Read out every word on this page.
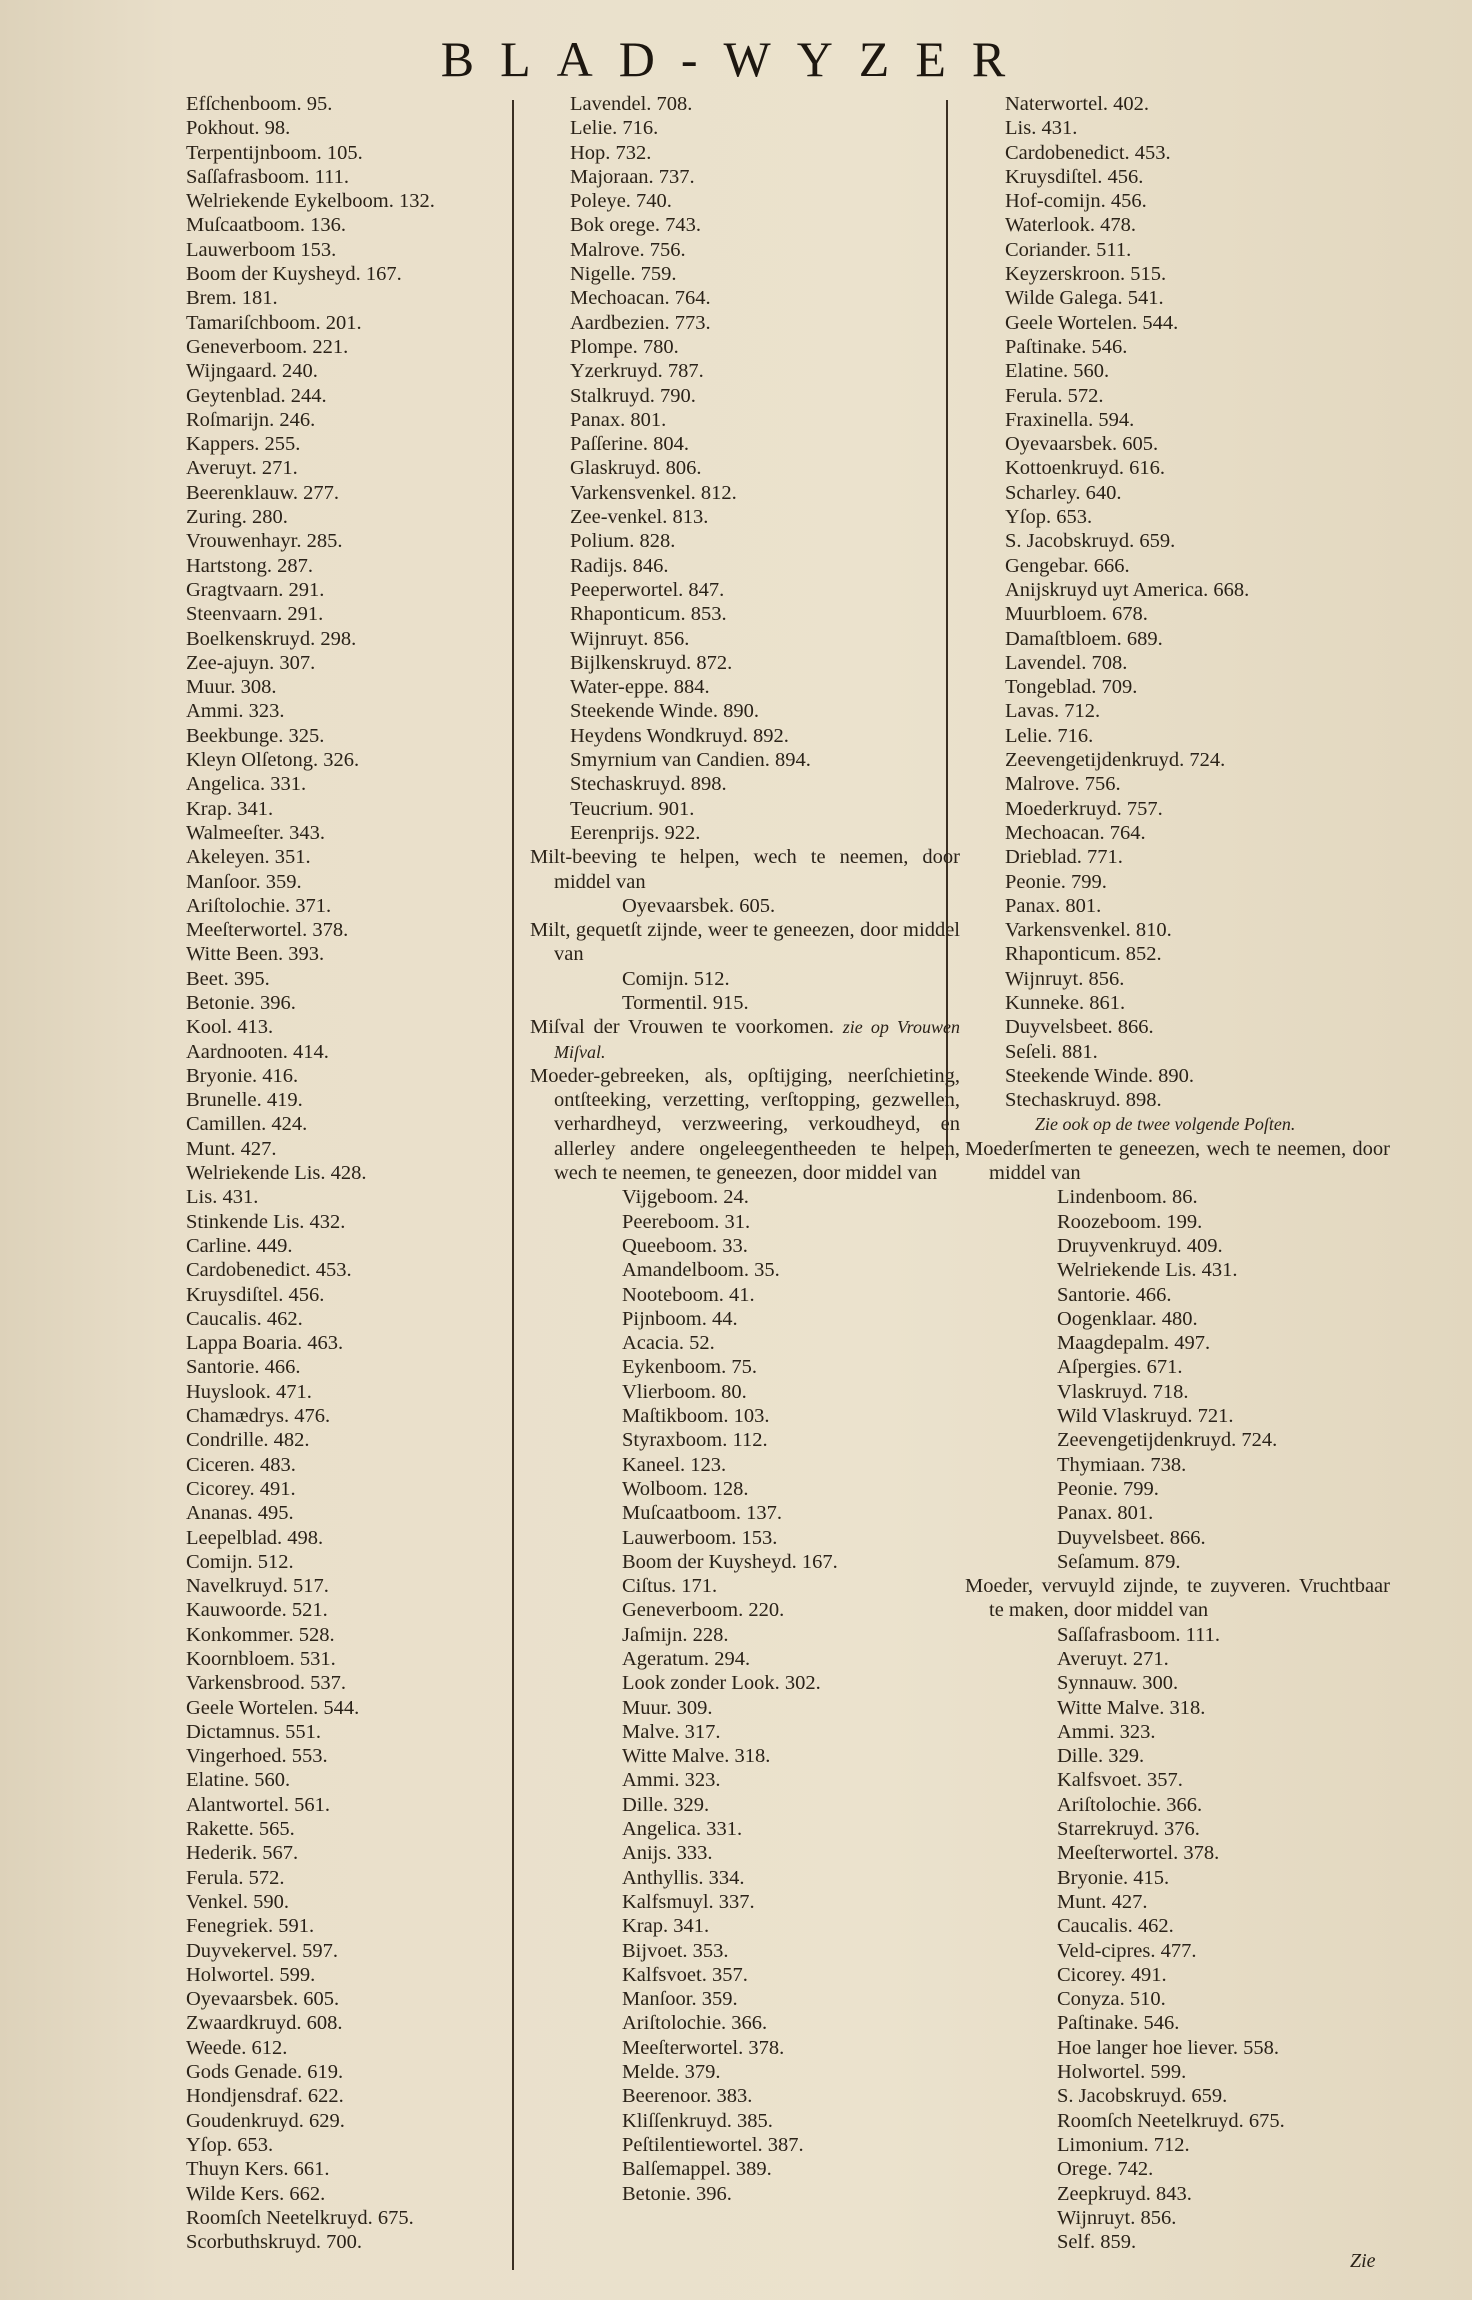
BLAD-WYZER
Efſchenboom. 95.
Pokhout. 98.
Terpentijnboom. 105.
Saſſafrasboom. 111.
Welriekende Eykelboom. 132.
Muſcaatboom. 136.
Lauwerboom 153.
Boom der Kuysheyd. 167.
Brem. 181.
Tamariſchboom. 201.
Geneverboom. 221.
Wijngaard. 240.
Geytenblad. 244.
Roſmarijn. 246.
Kappers. 255.
Averuyt. 271.
Beerenklauw. 277.
Zuring. 280.
Vrouwenhayr. 285.
Hartstong. 287.
Gragtvaarn. 291.
Steenvaarn. 291.
Boelkenskruyd. 298.
Zee-ajuyn. 307.
Muur. 308.
Ammi. 323.
Beekbunge. 325.
Kleyn Olſetong. 326.
Angelica. 331.
Krap. 341.
Walmeeſter. 343.
Akeleyen. 351.
Manſoor. 359.
Ariſtolochie. 371.
Meeſterwortel. 378.
Witte Been. 393.
Beet. 395.
Betonie. 396.
Kool. 413.
Aardnooten. 414.
Bryonie. 416.
Brunelle. 419.
Camillen. 424.
Munt. 427.
Welriekende Lis. 428.
Lis. 431.
Stinkende Lis. 432.
Carline. 449.
Cardobenedict. 453.
Kruysdiſtel. 456.
Caucalis. 462.
Lappa Boaria. 463.
Santorie. 466.
Huyslook. 471.
Chamædrys. 476.
Condrille. 482.
Ciceren. 483.
Cicorey. 491.
Ananas. 495.
Leepelblad. 498.
Comijn. 512.
Navelkruyd. 517.
Kauwoorde. 521.
Konkommer. 528.
Koornbloem. 531.
Varkensbrood. 537.
Geele Wortelen. 544.
Dictamnus. 551.
Vingerhoed. 553.
Elatine. 560.
Alantwortel. 561.
Rakette. 565.
Hederik. 567.
Ferula. 572.
Venkel. 590.
Fenegriek. 591.
Duyvekervel. 597.
Holwortel. 599.
Oyevaarsbek. 605.
Zwaardkruyd. 608.
Weede. 612.
Gods Genade. 619.
Hondjensdraf. 622.
Goudenkruyd. 629.
Yſop. 653.
Thuyn Kers. 661.
Wilde Kers. 662.
Roomſch Neetelkruyd. 675.
Scorbuthskruyd. 700.
Lavendel. 708.
Lelie. 716.
Hop. 732.
Majoraan. 737.
Poleye. 740.
Bok orege. 743.
Malrove. 756.
Nigelle. 759.
Mechoacan. 764.
Aardbezien. 773.
Plompe. 780.
Yzerkruyd. 787.
Stalkruyd. 790.
Panax. 801.
Paſſerine. 804.
Glaskruyd. 806.
Varkensvenkel. 812.
Zee-venkel. 813.
Polium. 828.
Radijs. 846.
Peeperwortel. 847.
Rhaponticum. 853.
Wijnruyt. 856.
Bijlkenskruyd. 872.
Water-eppe. 884.
Steekende Winde. 890.
Heydens Wondkruyd. 892.
Smyrnium van Candien. 894.
Stechaskruyd. 898.
Teucrium. 901.
Eerenprijs. 922.
Milt-beeving te helpen, wech te neemen, door middel van
Oyevaarsbek. 605.
Milt, gequetſt zijnde, weer te geneezen, door middel van
Comijn. 512.
Tormentil. 915.
Miſval der Vrouwen te voorkomen. zie op Vrouwen Miſval.
Moeder-gebreeken, als, opſtijging, neerſchieting, ontſteeking, verzetting, verſtopping, gezwellen, verhardheyd, verzweering, verkoudheyd, en allerley andere ongeleegentheeden te helpen, wech te neemen, te geneezen, door middel van
Vijgeboom. 24.
Peereboom. 31.
Queeboom. 33.
Amandelboom. 35.
Nooteboom. 41.
Pijnboom. 44.
Acacia. 52.
Eykenboom. 75.
Vlierboom. 80.
Maſtikboom. 103.
Styraxboom. 112.
Kaneel. 123.
Wolboom. 128.
Muſcaatboom. 137.
Lauwerboom. 153.
Boom der Kuysheyd. 167.
Ciſtus. 171.
Geneverboom. 220.
Jaſmijn. 228.
Ageratum. 294.
Look zonder Look. 302.
Muur. 309.
Malve. 317.
Witte Malve. 318.
Ammi. 323.
Dille. 329.
Angelica. 331.
Anijs. 333.
Anthyllis. 334.
Kalfsmuyl. 337.
Krap. 341.
Bijvoet. 353.
Kalfsvoet. 357.
Manſoor. 359.
Ariſtolochie. 366.
Meeſterwortel. 378.
Melde. 379.
Beerenoor. 383.
Kliſſenkruyd. 385.
Peſtilentiewortel. 387.
Balſemappel. 389.
Betonie. 396.
Naterwortel. 402.
Lis. 431.
Cardobenedict. 453.
Kruysdiſtel. 456.
Hof-comijn. 456.
Waterlook. 478.
Coriander. 511.
Keyzerskroon. 515.
Wilde Galega. 541.
Geele Wortelen. 544.
Paſtinake. 546.
Elatine. 560.
Ferula. 572.
Fraxinella. 594.
Oyevaarsbek. 605.
Kottoenkruyd. 616.
Scharley. 640.
Yſop. 653.
S. Jacobskruyd. 659.
Gengebar. 666.
Anijskruyd uyt America. 668.
Muurbloem. 678.
Damaſtbloem. 689.
Lavendel. 708.
Tongeblad. 709.
Lavas. 712.
Lelie. 716.
Zeevengetijdenkruyd. 724.
Malrove. 756.
Moederkruyd. 757.
Mechoacan. 764.
Drieblad. 771.
Peonie. 799.
Panax. 801.
Varkensvenkel. 810.
Rhaponticum. 852.
Wijnruyt. 856.
Kunneke. 861.
Duyvelsbeet. 866.
Seſeli. 881.
Steekende Winde. 890.
Stechaskruyd. 898.
Zie ook op de twee volgende Poſten.
Moederſmerten te geneezen, wech te neemen, door middel van
Lindenboom. 86.
Roozeboom. 199.
Druyvenkruyd. 409.
Welriekende Lis. 431.
Santorie. 466.
Oogenklaar. 480.
Maagdepalm. 497.
Aſpergies. 671.
Vlaskruyd. 718.
Wild Vlaskruyd. 721.
Zeevengetijdenkruyd. 724.
Thymiaan. 738.
Peonie. 799.
Panax. 801.
Duyvelsbeet. 866.
Seſamum. 879.
Moeder, vervuyld zijnde, te zuyveren. Vruchtbaar te maken, door middel van
Saſſafrasboom. 111.
Averuyt. 271.
Synnauw. 300.
Witte Malve. 318.
Ammi. 323.
Dille. 329.
Kalfsvoet. 357.
Ariſtolochie. 366.
Starrekruyd. 376.
Meeſterwortel. 378.
Bryonie. 415.
Munt. 427.
Caucalis. 462.
Veld-cipres. 477.
Cicorey. 491.
Conyza. 510.
Paſtinake. 546.
Hoe langer hoe liever. 558.
Holwortel. 599.
S. Jacobskruyd. 659.
Roomſch Neetelkruyd. 675.
Limonium. 712.
Orege. 742.
Zeepkruyd. 843.
Wijnruyt. 856.
Self. 859.
Zie
